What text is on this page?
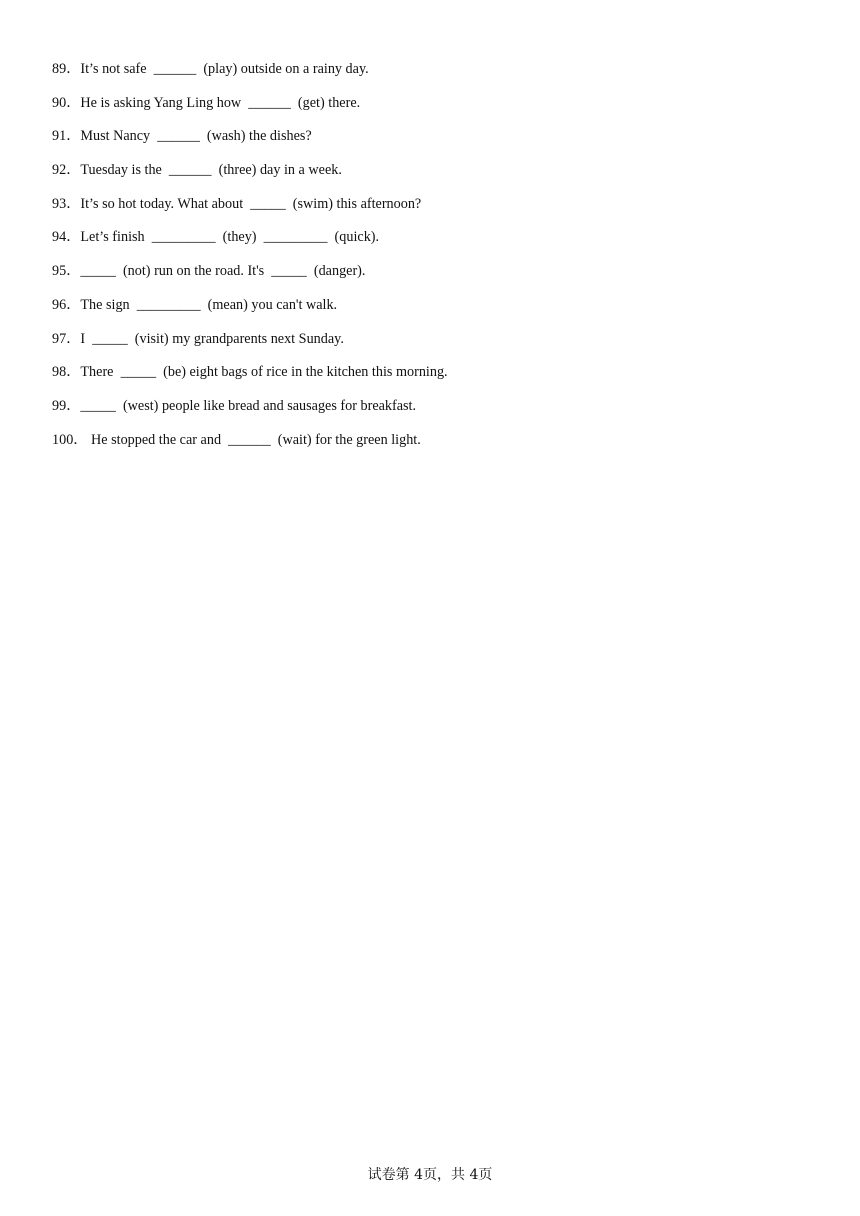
89．It’s not safe  ______  (play) outside on a rainy day.
90．He is asking Yang Ling how  ______  (get) there.
91．Must Nancy  ______  (wash) the dishes?
92．Tuesday is the  ______  (three) day in a week.
93．It’s so hot today. What about  _____  (swim) this afternoon?
94．Let’s finish  _________  (they)  _________  (quick).
95．_____  (not) run on the road. It's  _____  (danger).
96．The sign  _________  (mean) you can't walk.
97．I  _____  (visit) my grandparents next Sunday.
98．There  _____  (be) eight bags of rice in the kitchen this morning.
99．_____  (west) people like bread and sausages for breakfast.
100． He stopped the car and  ______  (wait) for the green light.
试卷第 4页，共 4页
